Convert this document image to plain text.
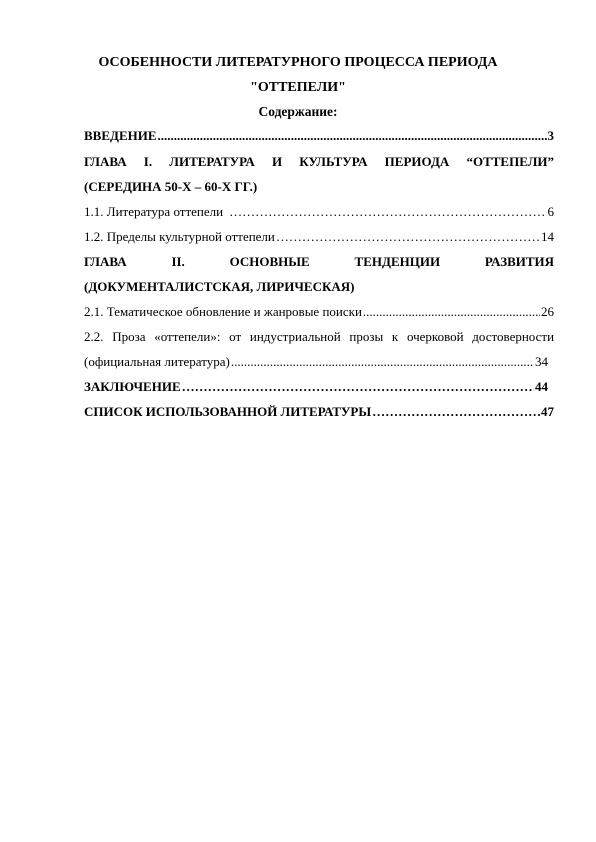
ОСОБЕННОСТИ ЛИТЕРАТУРНОГО ПРОЦЕССА ПЕРИОДА
"ОТТЕПЕЛИ"
Содержание:
ВВЕДЕНИЕ .....	3
ГЛАВА I. ЛИТЕРАТУРА И КУЛЬТУРА ПЕРИОДА “ОТТЕПЕЛИ”
(СЕРЕДИНА 50-Х – 60-Х ГГ.)
1.1. Литература оттепели …………………………………………………………………………………………………………………………………………………………………	6
1.2. Пределы культурной оттепели …………………………………………………………………………………………………………………………………………………………………	14
ГЛАВА	II.	ОСНОВНЫЕ	ТЕНДЕНЦИИ	РАЗВИТИЯ
(ДОКУМЕНТАЛИСТСКАЯ, ЛИРИЧЕСКАЯ)
2.1. Тематическое обновление и жанровые поиски .....	26
2.2. Проза «оттепели»: от индустриальной прозы к очерковой достоверности
(официальная литература) .....	34
ЗАКЛЮЧЕНИЕ …………………………………………………………………………………………………………………………………………………………………	44
СПИСОК ИСПОЛЬЗОВАННОЙ ЛИТЕРАТУРЫ …………………………………………………………………………………………………………………………………………………………………	47
